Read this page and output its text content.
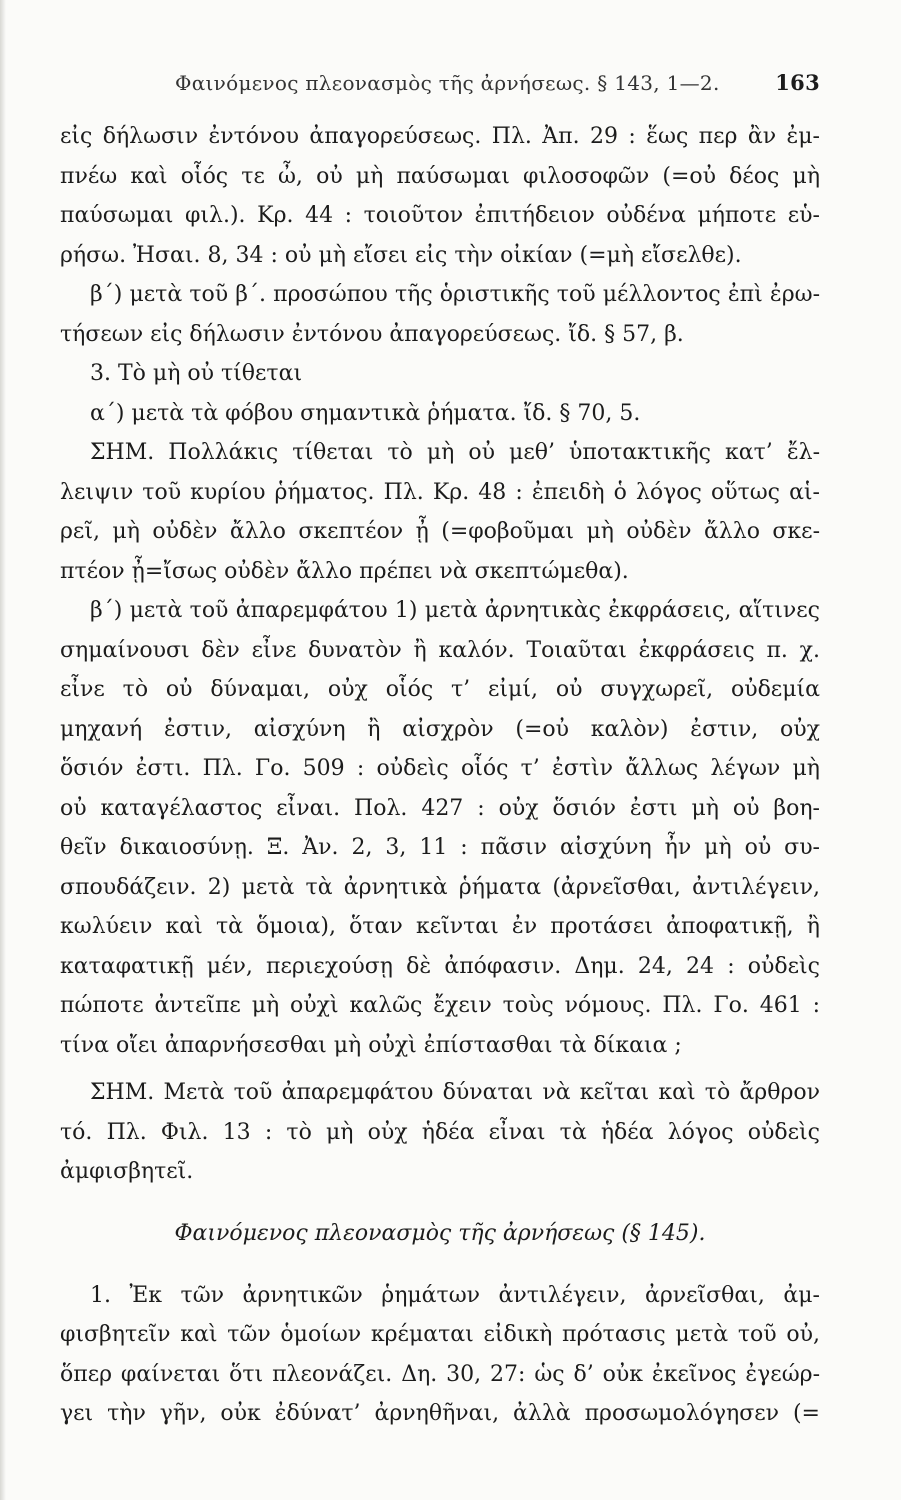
Φαινόμενος πλεονασμὸς τῆς ἀρνήσεως. § 143, 1—2.	163
εἰς δήλωσιν ἐντόνου ἀπαγορεύσεως. Πλ. Ἀπ. 29 : ἕως περ ἂν ἐμ-
πνέω καὶ οἷός τε ὦ, οὐ μὴ παύσωμαι φιλοσοφῶν (=οὐ δέος μὴ
παύσωμαι φιλ.). Κρ. 44 : τοιοῦτον ἐπιτήδειον οὐδένα μήποτε εὑ-
ρήσω. Ἠσαι. 8, 34 : οὐ μὴ εἴσει εἰς τὴν οἰκίαν (=μὴ εἴσελθε).
β΄) μετὰ τοῦ β΄. προσώπου τῆς ὁριστικῆς τοῦ μέλλοντος ἐπὶ ἐρω-
τήσεων εἰς δήλωσιν ἐντόνου ἀπαγορεύσεως. ἴδ. § 57, β.
3. Τὸ μὴ οὐ τίθεται
α΄) μετὰ τὰ φόβου σημαντικὰ ῥήματα. ἴδ. § 70, 5.
ΣΗΜ. Πολλάκις τίθεται τὸ μὴ οὐ μεθ’ ὑποτακτικῆς κατ’ ἔλ-
λειψιν τοῦ κυρίου ῥήματος. Πλ. Κρ. 48 : ἐπειδὴ ὁ λόγος οὕτως αἱ-
ρεῖ, μὴ οὐδὲν ἄλλο σκεπτέον ᾖ (=φοβοῦμαι μὴ οὐδὲν ἄλλο σκε-
πτέον ᾖ=ἴσως οὐδὲν ἄλλο πρέπει νὰ σκεπτώμεθα).
β΄) μετὰ τοῦ ἀπαρεμφάτου 1) μετὰ ἀρνητικὰς ἐκφράσεις, αἵτινες
σημαίνουσι δὲν εἶνε δυνατὸν ἢ καλόν. Τοιαῦται ἐκφράσεις π. χ.
εἶνε τὸ οὐ δύναμαι, οὐχ οἷός τ’ εἰμί, οὐ συγχωρεῖ, οὐδεμία
μηχανή ἐστιν, αἰσχύνη ἢ αἰσχρὸν (=οὐ καλὸν) ἐστιν, οὐχ
ὅσιόν ἐστι. Πλ. Γο. 509 : οὐδεὶς οἷός τ’ ἐστὶν ἄλλως λέγων μὴ
οὐ καταγέλαστος εἶναι. Πολ. 427 : οὐχ ὅσιόν ἐστι μὴ οὐ βοη-
θεῖν δικαιοσύνῃ. Ξ. Ἀν. 2, 3, 11 : πᾶσιν αἰσχύνη ἦν μὴ οὐ συ-
σπουδάζειν. 2) μετὰ τὰ ἀρνητικὰ ῥήματα (ἀρνεῖσθαι, ἀντιλέγειν,
κωλύειν καὶ τὰ ὅμοια), ὅταν κεῖνται ἐν προτάσει ἀποφατικῇ, ἢ
καταφατικῇ μέν, περιεχούσῃ δὲ ἀπόφασιν. Δημ. 24, 24 : οὐδεὶς
πώποτε ἀντεῖπε μὴ οὐχὶ καλῶς ἔχειν τοὺς νόμους. Πλ. Γο. 461 :
τίνα οἴει ἀπαρνήσεσθαι μὴ οὐχὶ ἐπίστασθαι τὰ δίκαια ;
ΣΗΜ. Μετὰ τοῦ ἀπαρεμφάτου δύναται νὰ κεῖται καὶ τὸ ἄρθρον
τό. Πλ. Φιλ. 13 : τὸ μὴ οὐχ ἡδέα εἶναι τὰ ἡδέα λόγος οὐδεὶς
ἀμφισβητεῖ.
Φαινόμενος πλεονασμὸς τῆς ἀρνήσεως (§ 145).
1. Ἐκ τῶν ἀρνητικῶν ῥημάτων ἀντιλέγειν, ἀρνεῖσθαι, ἀμ-
φισβητεῖν καὶ τῶν ὁμοίων κρέμαται εἰδικὴ πρότασις μετὰ τοῦ οὐ,
ὅπερ φαίνεται ὅτι πλεονάζει. Δη. 30, 27: ὡς δ’ οὐκ ἐκεῖνος ἐγεώρ-
γει τὴν γῆν, οὐκ ἐδύνατ’ ἀρνηθῆναι, ἀλλὰ προσωμολόγησεν (=
